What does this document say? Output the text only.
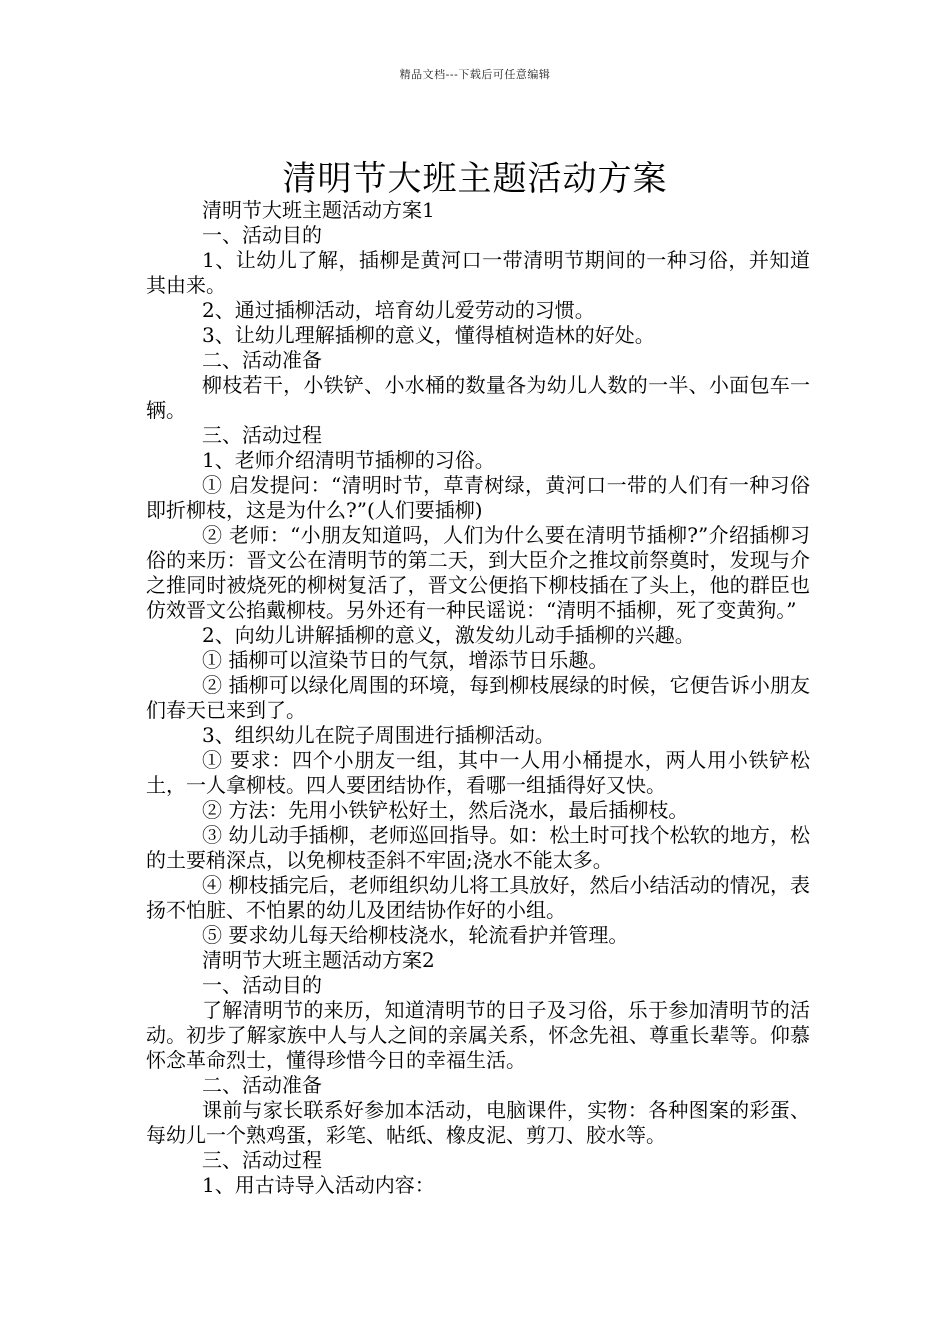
精品文档---下载后可任意编辑
清明节大班主题活动方案

清明节大班主题活动方案1

一、活动目的

1、让幼儿了解，插柳是黄河口一带清明节期间的一种习俗，并知道其由来。

2、通过插柳活动，培育幼儿爱劳动的习惯。

3、让幼儿理解插柳的意义，懂得植树造林的好处。

二、活动准备

柳枝若干，小铁铲、小水桶的数量各为幼儿人数的一半、小面包车一辆。

三、活动过程

1、老师介绍清明节插柳的习俗。

① 启发提问：“清明时节，草青树绿，黄河口一带的人们有一种习俗即折柳枝，这是为什么?”(人们要插柳)

② 老师：“小朋友知道吗，人们为什么要在清明节插柳?”介绍插柳习俗的来历：晋文公在清明节的第二天，到大臣介之推坟前祭奠时，发现与介之推同时被烧死的柳树复活了，晋文公便掐下柳枝插在了头上，他的群臣也仿效晋文公掐戴柳枝。另外还有一种民谣说：“清明不插柳，死了变黄狗。”

2、向幼儿讲解插柳的意义，激发幼儿动手插柳的兴趣。

① 插柳可以渲染节日的气氛，增添节日乐趣。

② 插柳可以绿化周围的环境，每到柳枝展绿的时候，它便告诉小朋友们春天已来到了。

3、组织幼儿在院子周围进行插柳活动。

① 要求：四个小朋友一组，其中一人用小桶提水，两人用小铁铲松土，一人拿柳枝。四人要团结协作，看哪一组插得好又快。

② 方法：先用小铁铲松好土，然后浇水，最后插柳枝。

③ 幼儿动手插柳，老师巡回指导。如：松土时可找个松软的地方，松的土要稍深点，以免柳枝歪斜不牢固;浇水不能太多。

④ 柳枝插完后，老师组织幼儿将工具放好，然后小结活动的情况，表扬不怕脏、不怕累的幼儿及团结协作好的小组。

⑤ 要求幼儿每天给柳枝浇水，轮流看护并管理。

清明节大班主题活动方案2

一、活动目的

了解清明节的来历，知道清明节的日子及习俗，乐于参加清明节的活动。初步了解家族中人与人之间的亲属关系，怀念先祖、尊重长辈等。仰慕怀念革命烈士，懂得珍惜今日的幸福生活。

二、活动准备

课前与家长联系好参加本活动，电脑课件，实物：各种图案的彩蛋、每幼儿一个熟鸡蛋，彩笔、帖纸、橡皮泥、剪刀、胶水等。

三、活动过程

1、用古诗导入活动内容：
